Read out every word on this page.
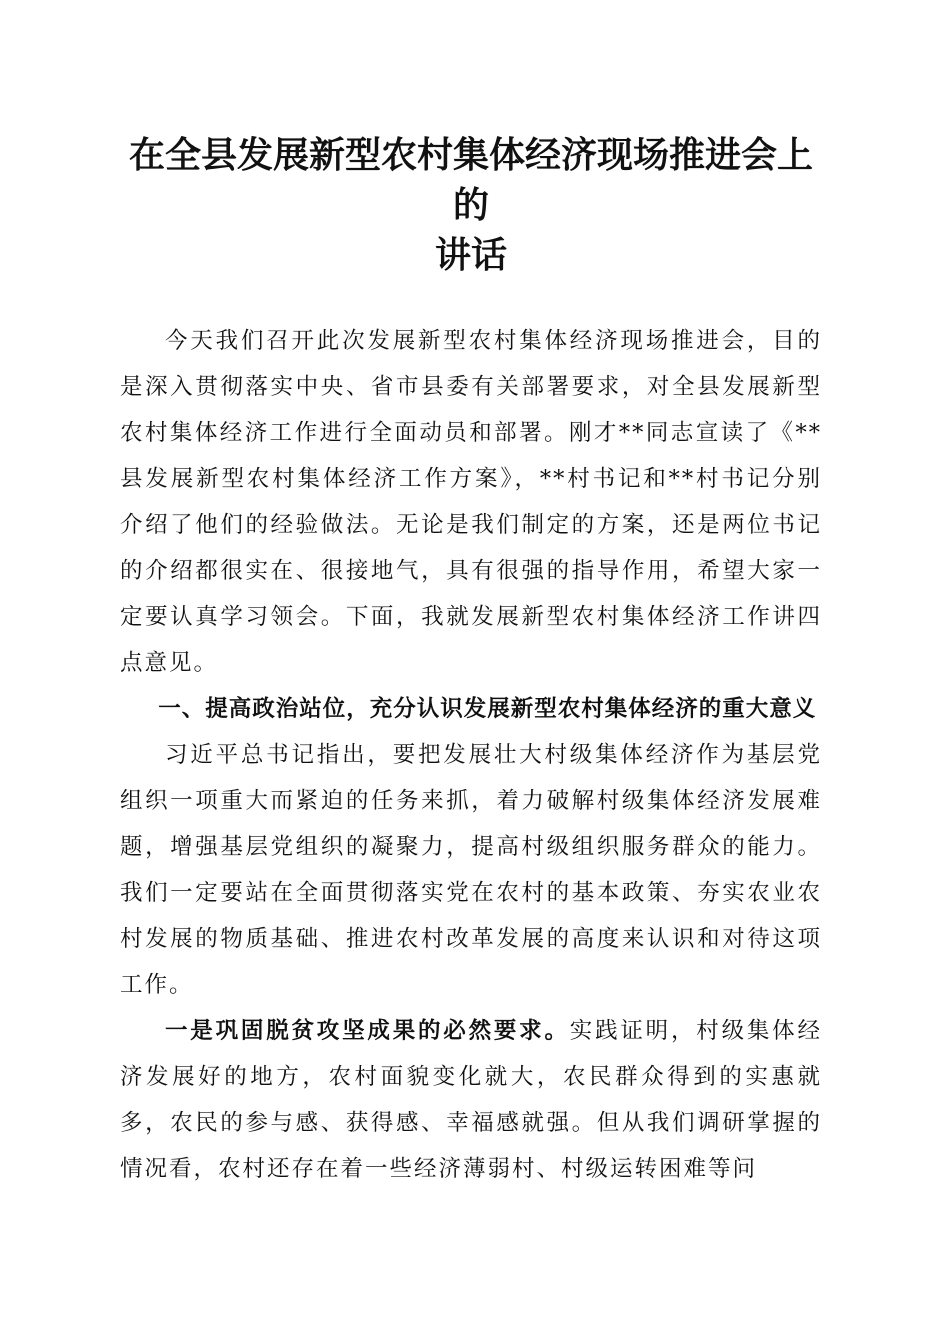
在全县发展新型农村集体经济现场推进会上的
讲话

今天我们召开此次发展新型农村集体经济现场推进会，目的是深入贯彻落实中央、省市县委有关部署要求，对全县发展新型农村集体经济工作进行全面动员和部署。刚才**同志宣读了《**县发展新型农村集体经济工作方案》，**村书记和**村书记分别介绍了他们的经验做法。无论是我们制定的方案，还是两位书记的介绍都很实在、很接地气，具有很强的指导作用，希望大家一定要认真学习领会。下面，我就发展新型农村集体经济工作讲四点意见。

一、提高政治站位，充分认识发展新型农村集体经济的重大意义

习近平总书记指出，要把发展壮大村级集体经济作为基层党组织一项重大而紧迫的任务来抓，着力破解村级集体经济发展难题，增强基层党组织的凝聚力，提高村级组织服务群众的能力。我们一定要站在全面贯彻落实党在农村的基本政策、夯实农业农村发展的物质基础、推进农村改革发展的高度来认识和对待这项工作。

一是巩固脱贫攻坚成果的必然要求。实践证明，村级集体经济发展好的地方，农村面貌变化就大，农民群众得到的实惠就多，农民的参与感、获得感、幸福感就强。但从我们调研掌握的情况看，农村还存在着一些经济薄弱村、村级运转困难等问
